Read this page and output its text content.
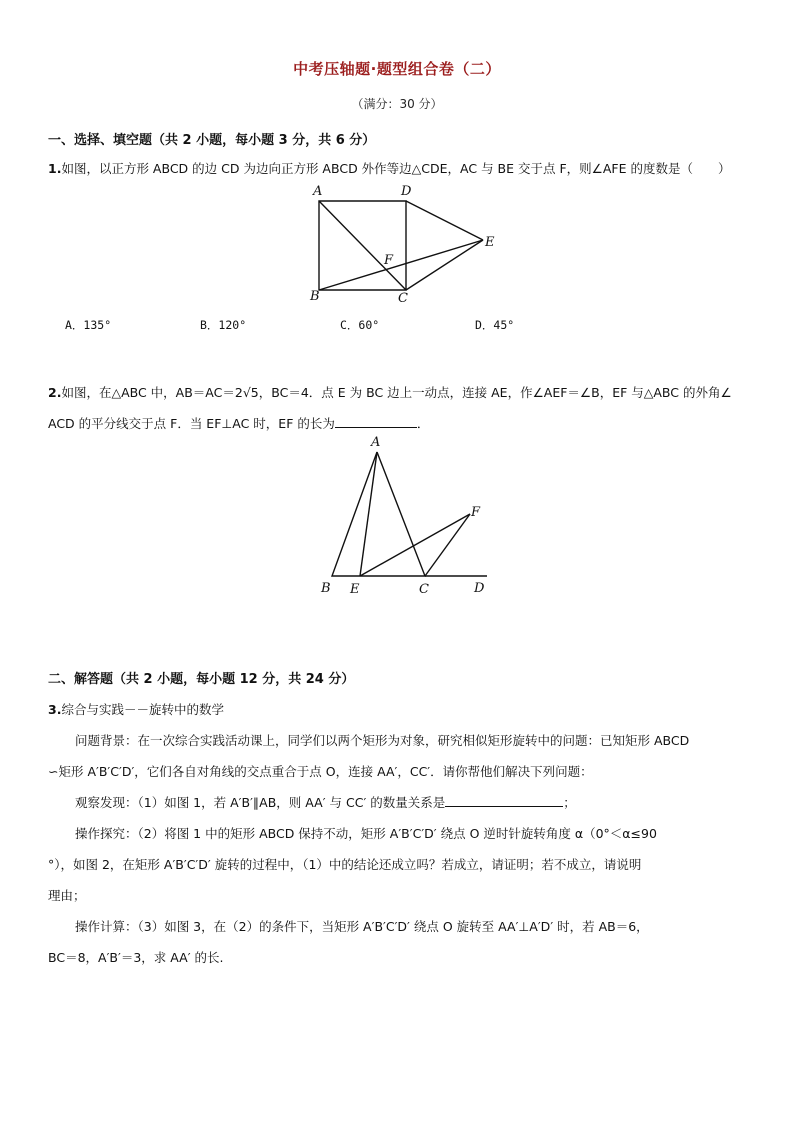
中考压轴题·题型组合卷（二）
（满分：30 分）
一、选择、填空题（共 2 小题，每小题 3 分，共 6 分）
1.如图，以正方形 ABCD 的边 CD 为边向正方形 ABCD 外作等边△CDE，AC 与 BE 交于点 F，则∠AFE 的度数是（　　）
A	D
E
F
B	C
A．135°	B．120°	C．60°	D．45°
2.如图，在△ABC 中，AB＝AC＝2√5，BC＝4．点 E 为 BC 边上一动点，连接 AE，作∠AEF＝∠B，EF 与△ABC 的外角∠
ACD 的平分线交于点 F．当 EF⊥AC 时，EF 的长为	．
A
F
B E	C	D
二、解答题（共 2 小题，每小题 12 分，共 24 分）
3.综合与实践－－旋转中的数学
问题背景：在一次综合实践活动课上，同学们以两个矩形为对象，研究相似矩形旋转中的问题：已知矩形 ABCD
∽矩形 A′B′C′D′，它们各自对角线的交点重合于点 O，连接 AA′，CC′．请你帮他们解决下列问题：
观察发现：（1）如图 1，若 A′B′∥AB，则 AA′ 与 CC′ 的数量关系是	；
操作探究：（2）将图 1 中的矩形 ABCD 保持不动，矩形 A′B′C′D′ 绕点 O 逆时针旋转角度 α（0°＜α≤90
°），如图 2，在矩形 A′B′C′D′ 旋转的过程中，（1）中的结论还成立吗？若成立，请证明；若不成立，请说明
理由；
操作计算：（3）如图 3，在（2）的条件下，当矩形 A′B′C′D′ 绕点 O 旋转至 AA′⊥A′D′ 时，若 AB＝6，
BC＝8，A′B′＝3，求 AA′ 的长.
